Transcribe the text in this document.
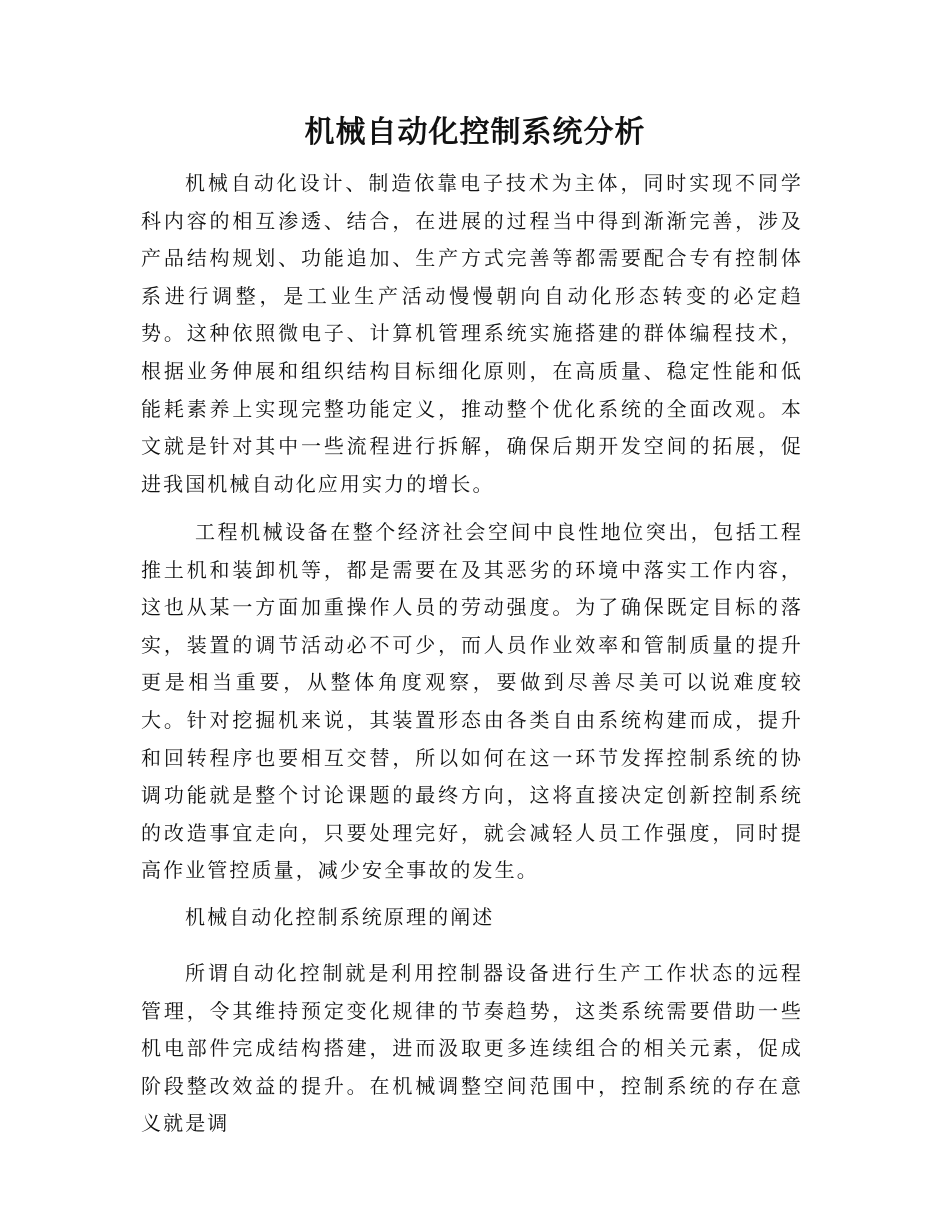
机械自动化控制系统分析

机械自动化设计、制造依靠电子技术为主体，同时实现不同学科内容的相互渗透、结合，在进展的过程当中得到渐渐完善，涉及产品结构规划、功能追加、生产方式完善等都需要配合专有控制体系进行调整，是工业生产活动慢慢朝向自动化形态转变的必定趋势。这种依照微电子、计算机管理系统实施搭建的群体编程技术，根据业务伸展和组织结构目标细化原则，在高质量、稳定性能和低能耗素养上实现完整功能定义，推动整个优化系统的全面改观。本文就是针对其中一些流程进行拆解，确保后期开发空间的拓展，促进我国机械自动化应用实力的增长。

工程机械设备在整个经济社会空间中良性地位突出，包括工程推土机和装卸机等，都是需要在及其恶劣的环境中落实工作内容，这也从某一方面加重操作人员的劳动强度。为了确保既定目标的落实，装置的调节活动必不可少，而人员作业效率和管制质量的提升更是相当重要，从整体角度观察，要做到尽善尽美可以说难度较大。针对挖掘机来说，其装置形态由各类自由系统构建而成，提升和回转程序也要相互交替，所以如何在这一环节发挥控制系统的协调功能就是整个讨论课题的最终方向，这将直接决定创新控制系统的改造事宜走向，只要处理完好，就会减轻人员工作强度，同时提高作业管控质量，减少安全事故的发生。

机械自动化控制系统原理的阐述

所谓自动化控制就是利用控制器设备进行生产工作状态的远程管理，令其维持预定变化规律的节奏趋势，这类系统需要借助一些机电部件完成结构搭建，进而汲取更多连续组合的相关元素，促成阶段整改效益的提升。在机械调整空间范围中，控制系统的存在意义就是调
